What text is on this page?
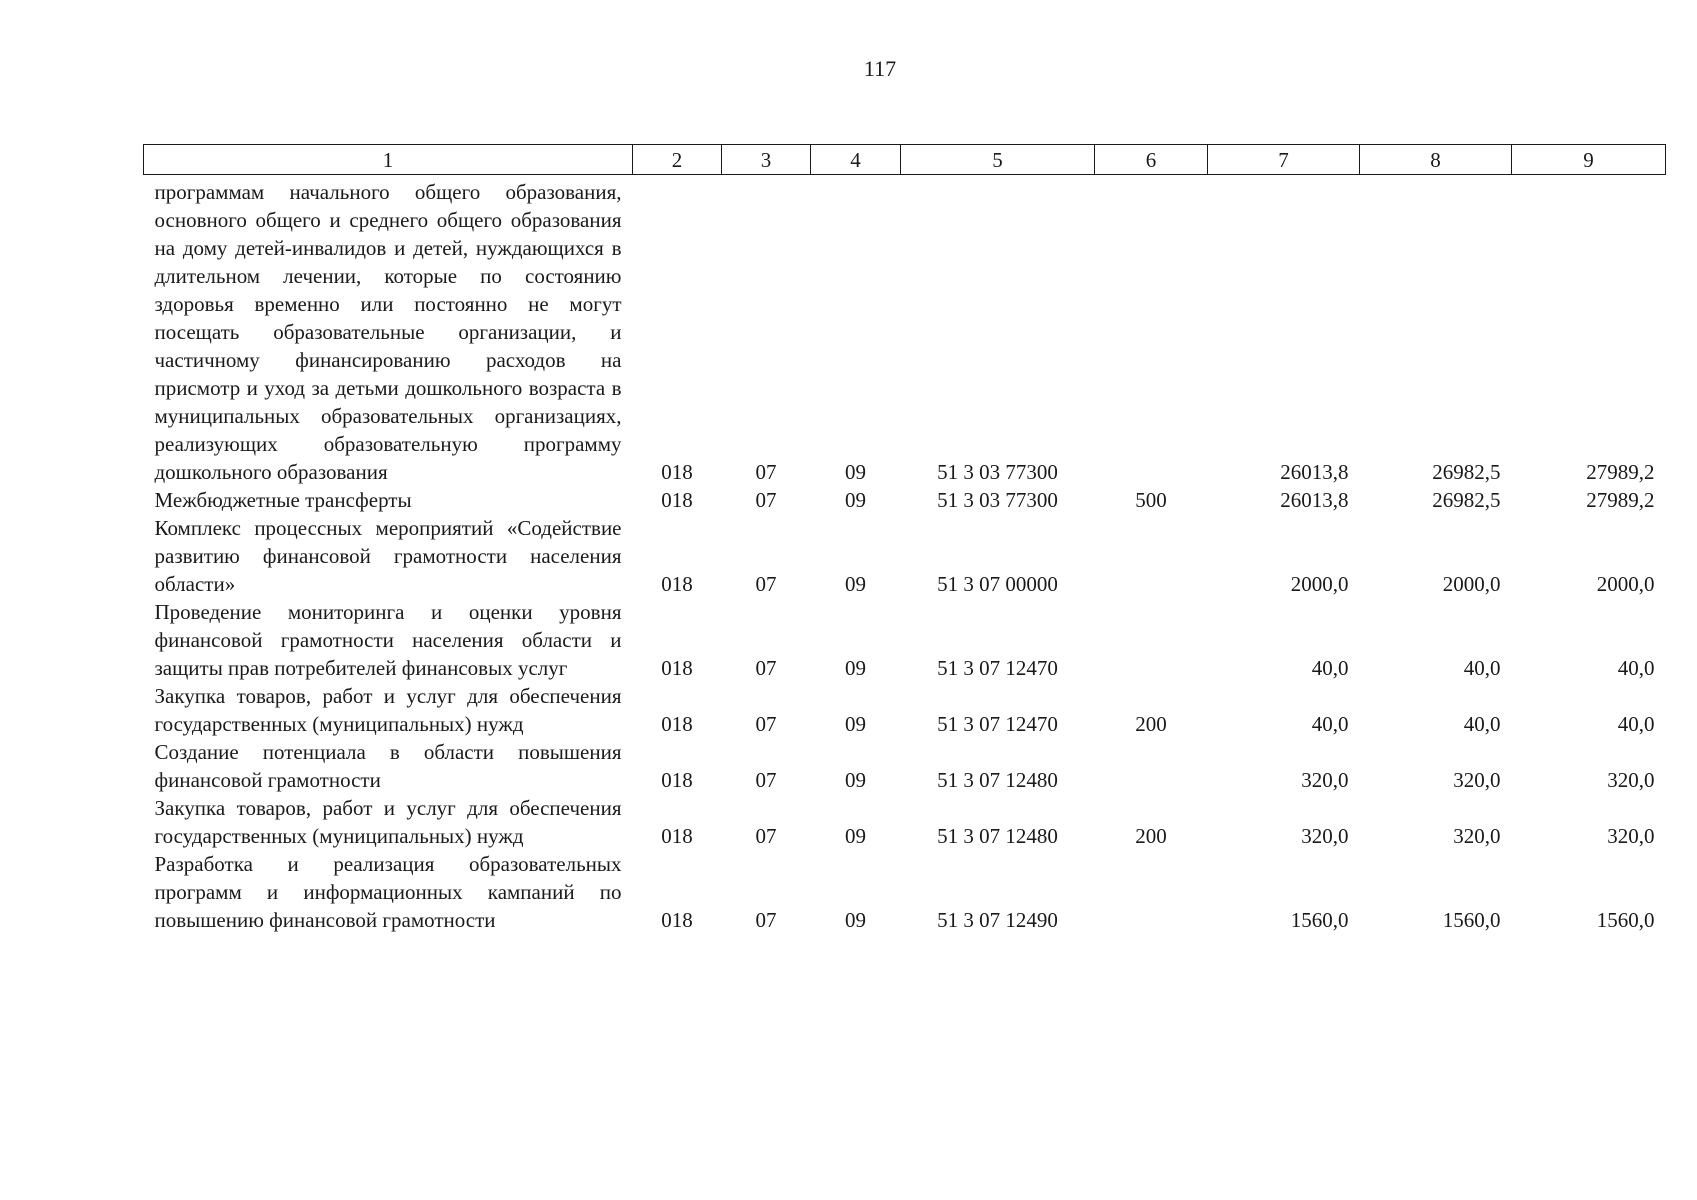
117
1	2	3	4	5	6	7	8	9
программам начального общего образования, основного общего и среднего общего образования на дому детей-инвалидов и детей, нуждающихся в длительном лечении, которые по состоянию здоровья временно или постоянно не могут посещать образовательные организации, и частичному финансированию расходов на присмотр и уход за детьми дошкольного возраста в муниципальных образовательных организациях, реализующих образовательную программу дошкольного образования	018	07	09	51 3 03 77300		26013,8	26982,5	27989,2
Межбюджетные трансферты	018	07	09	51 3 03 77300	500	26013,8	26982,5	27989,2
Комплекс процессных мероприятий «Содействие развитию финансовой грамотности населения области»	018	07	09	51 3 07 00000		2000,0	2000,0	2000,0
Проведение мониторинга и оценки уровня финансовой грамотности населения области и защиты прав потребителей финансовых услуг	018	07	09	51 3 07 12470		40,0	40,0	40,0
Закупка товаров, работ и услуг для обеспечения государственных (муниципальных) нужд	018	07	09	51 3 07 12470	200	40,0	40,0	40,0
Создание потенциала в области повышения финансовой грамотности	018	07	09	51 3 07 12480		320,0	320,0	320,0
Закупка товаров, работ и услуг для обеспечения государственных (муниципальных) нужд	018	07	09	51 3 07 12480	200	320,0	320,0	320,0
Разработка и реализация образовательных программ и информационных кампаний по повышению финансовой грамотности	018	07	09	51 3 07 12490		1560,0	1560,0	1560,0
